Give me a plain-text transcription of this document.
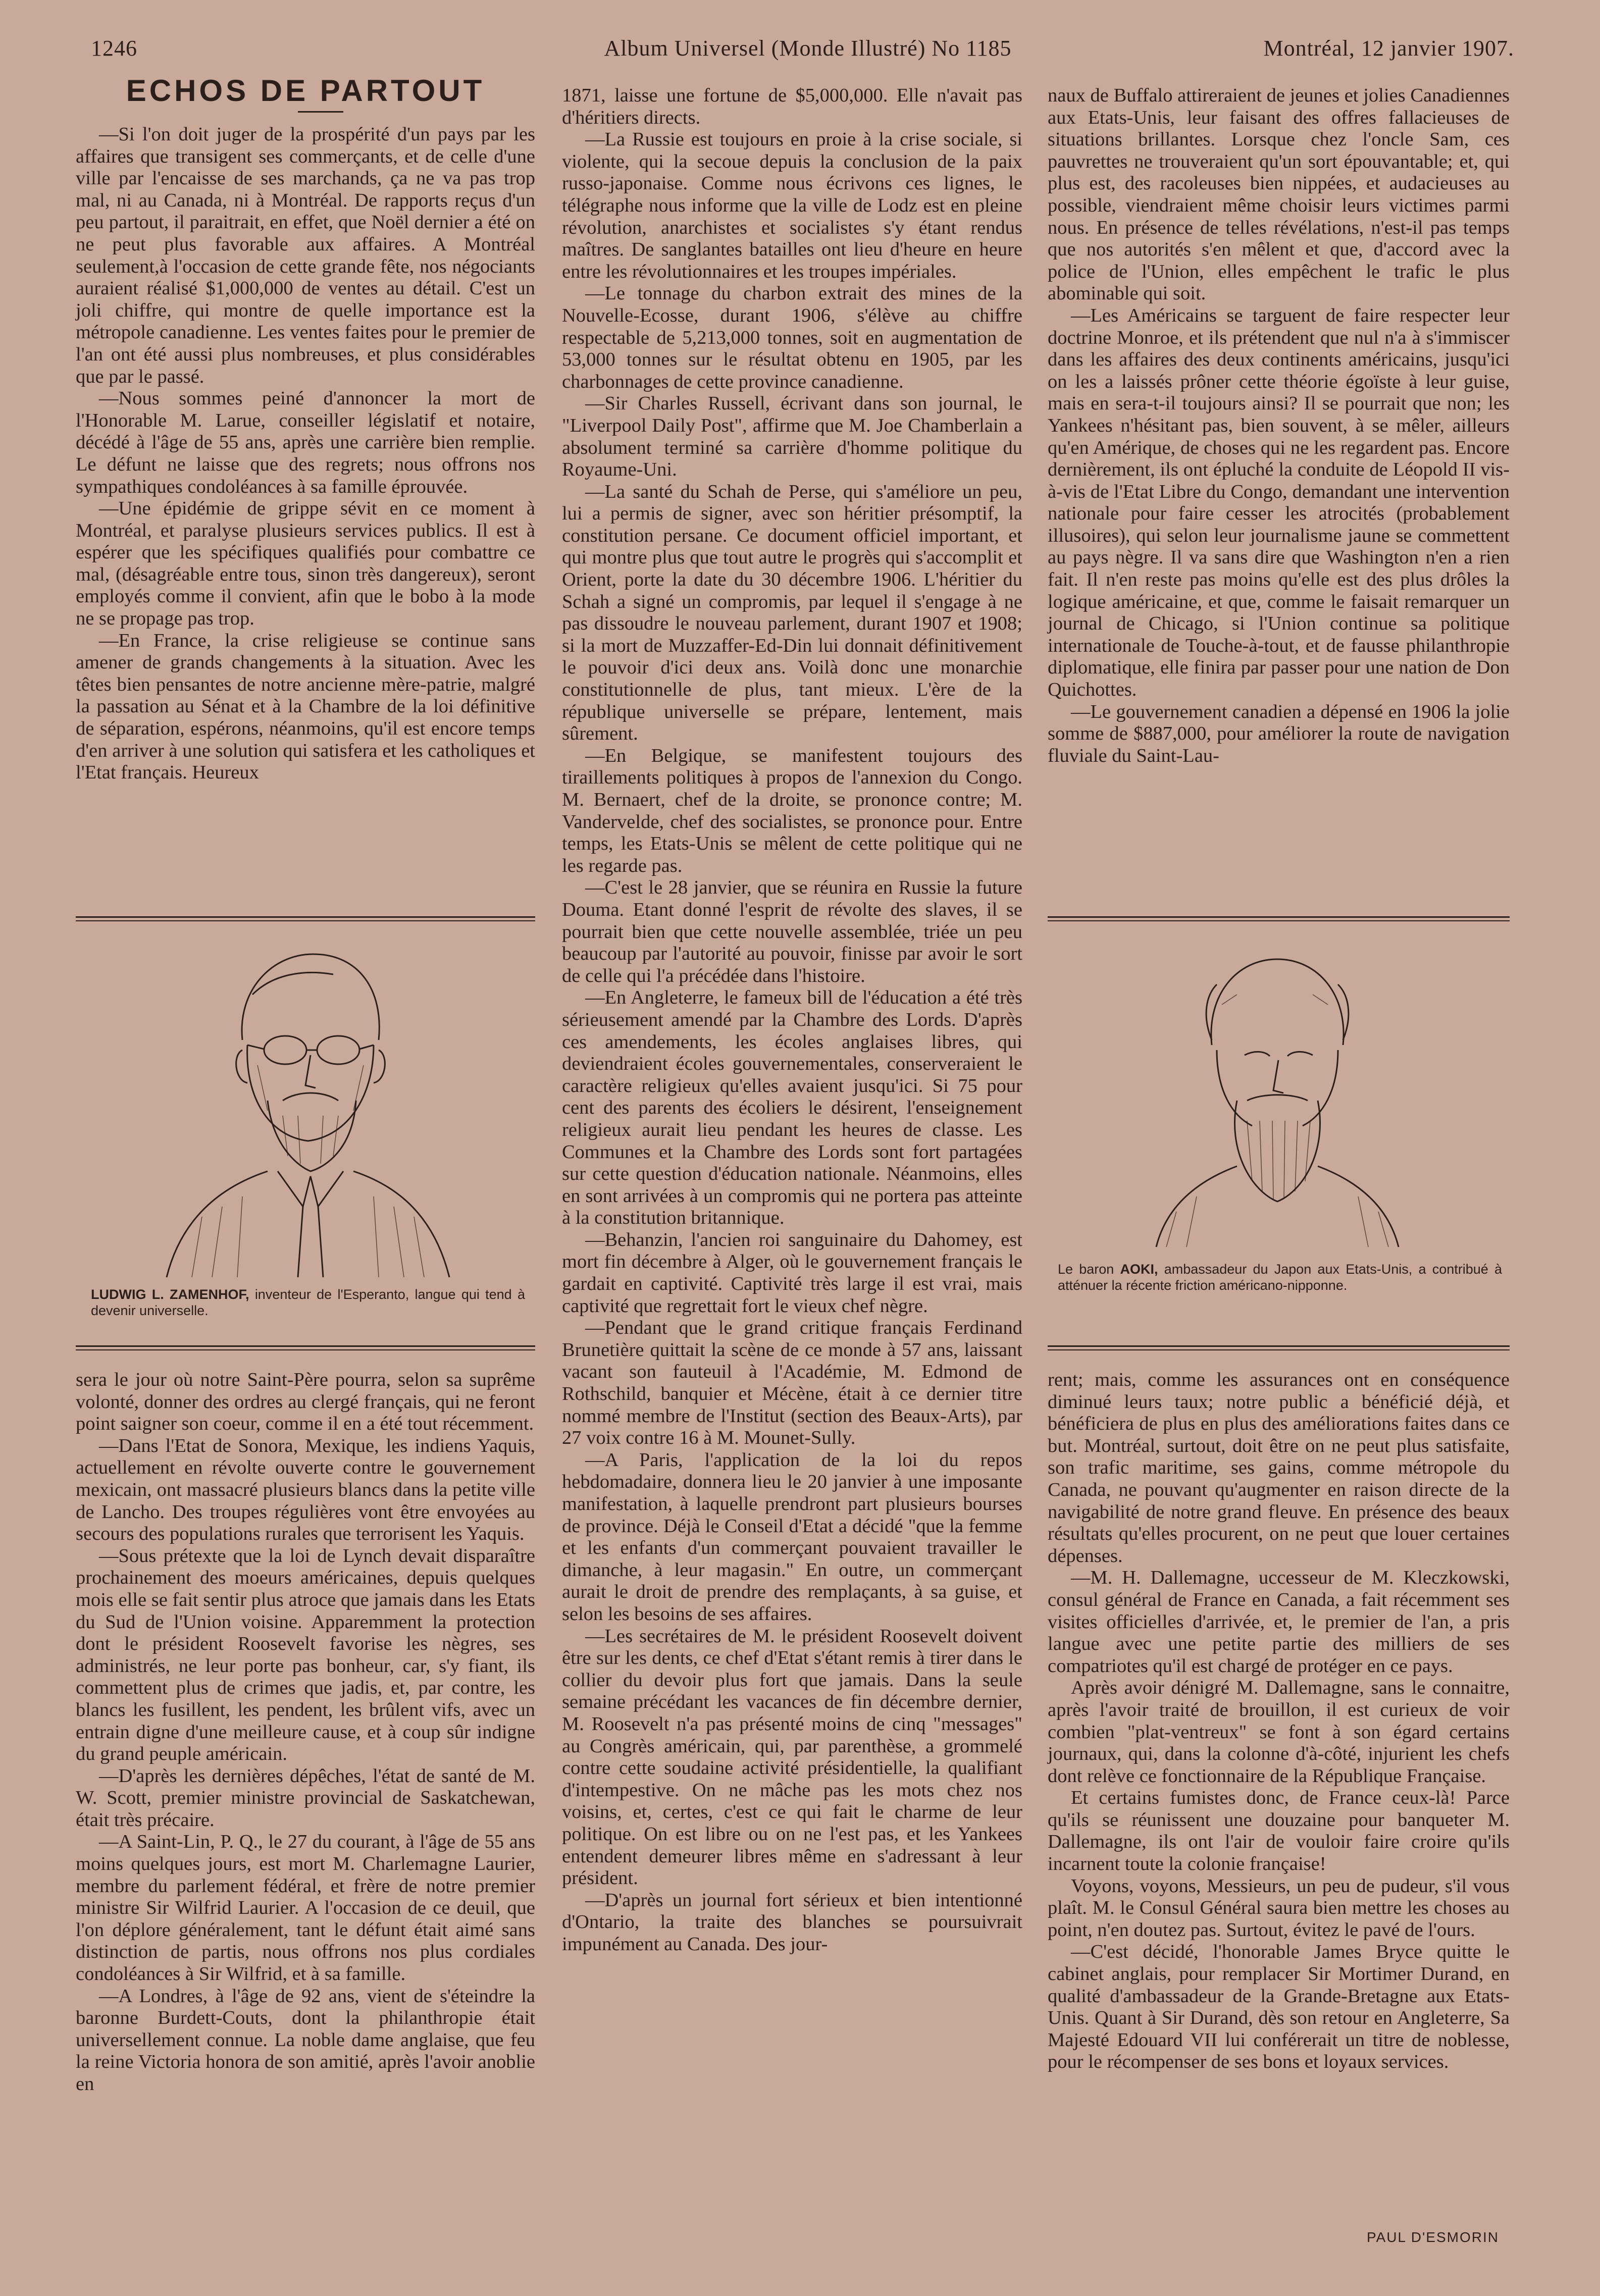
1246	Album Universel (Monde Illustré) No 1185	Montréal, 12 janvier 1907.
ECHOS DE PARTOUT

—Si l'on doit juger de la prospérité d'un pays par les affaires que transigent ses commerçants, et de celle d'une ville par l'encaisse de ses marchands, ça ne va pas trop mal, ni au Canada, ni à Montréal. De rapports reçus d'un peu partout, il paraitrait, en effet, que Noël dernier a été on ne peut plus favorable aux affaires. A Montréal seulement,à l'occasion de cette grande fête, nos négociants auraient réalisé $1,000,000 de ventes au détail. C'est un joli chiffre, qui montre de quelle importance est la métropole canadienne. Les ventes faites pour le premier de l'an ont été aussi plus nombreuses, et plus considérables que par le passé.

—Nous sommes peiné d'annoncer la mort de l'Honorable M. Larue, conseiller législatif et notaire, décédé à l'âge de 55 ans, après une carrière bien remplie. Le défunt ne laisse que des regrets; nous offrons nos sympathiques condoléances à sa famille éprouvée.

—Une épidémie de grippe sévit en ce moment à Montréal, et paralyse plusieurs services publics. Il est à espérer que les spécifiques qualifiés pour combattre ce mal, (désagréable entre tous, sinon très dangereux), seront employés comme il convient, afin que le bobo à la mode ne se propage pas trop.

—En France, la crise religieuse se continue sans amener de grands changements à la situation. Avec les têtes bien pensantes de notre ancienne mère-patrie, malgré la passation au Sénat et à la Chambre de la loi définitive de séparation, espérons, néanmoins, qu'il est encore temps d'en arriver à une solution qui satisfera et les catholiques et l'Etat français. Heureux

1871, laisse une fortune de $5,000,000. Elle n'avait pas d'héritiers directs.

—La Russie est toujours en proie à la crise sociale, si violente, qui la secoue depuis la conclusion de la paix russo-japonaise. Comme nous écrivons ces lignes, le télégraphe nous informe que la ville de Lodz est en pleine révolution, anarchistes et socialistes s'y étant rendus maîtres. De sanglantes batailles ont lieu d'heure en heure entre les révolutionnaires et les troupes impériales.

—Le tonnage du charbon extrait des mines de la Nouvelle-Ecosse, durant 1906, s'élève au chiffre respectable de 5,213,000 tonnes, soit en augmentation de 53,000 tonnes sur le résultat obtenu en 1905, par les charbonnages de cette province canadienne.

—Sir Charles Russell, écrivant dans son journal, le "Liverpool Daily Post", affirme que M. Joe Chamberlain a absolument terminé sa carrière d'homme politique du Royaume-Uni.

—La santé du Schah de Perse, qui s'améliore un peu, lui a permis de signer, avec son héritier présomptif, la constitution persane. Ce document officiel important, et qui montre plus que tout autre le progrès qui s'accomplit et Orient, porte la date du 30 décembre 1906. L'héritier du Schah a signé un compromis, par lequel il s'engage à ne pas dissoudre le nouveau parlement, durant 1907 et 1908; si la mort de Muzzaffer-Ed-Din lui donnait définitivement le pouvoir d'ici deux ans. Voilà donc une monarchie constitutionnelle de plus, tant mieux. L'ère de la république universelle se prépare, lentement, mais sûrement.

—En Belgique, se manifestent toujours des tiraillements politiques à propos de l'annexion du Congo. M. Bernaert, chef de la droite, se prononce contre; M. Vandervelde, chef des socialistes, se prononce pour. Entre temps, les Etats-Unis se mêlent de cette politique qui ne les regarde pas.

—C'est le 28 janvier, que se réunira en Russie la future Douma. Etant donné l'esprit de révolte des slaves, il se pourrait bien que cette nouvelle assemblée, triée un peu beaucoup par l'autorité au pouvoir, finisse par avoir le sort de celle qui l'a précédée dans l'histoire.

—En Angleterre, le fameux bill de l'éducation a été très sérieusement amendé par la Chambre des Lords. D'après ces amendements, les écoles anglaises libres, qui deviendraient écoles gouvernementales, conserveraient le caractère religieux qu'elles avaient jusqu'ici. Si 75 pour cent des parents des écoliers le désirent, l'enseignement religieux aurait lieu pendant les heures de classe. Les Communes et la Chambre des Lords sont fort partagées sur cette question d'éducation nationale. Néanmoins, elles en sont arrivées à un compromis qui ne portera pas atteinte à la constitution britannique.

—Behanzin, l'ancien roi sanguinaire du Dahomey, est mort fin décembre à Alger, où le gouvernement français le gardait en captivité. Captivité très large il est vrai, mais captivité que regrettait fort le vieux chef nègre.

—Pendant que le grand critique français Ferdinand Brunetière quittait la scène de ce monde à 57 ans, laissant vacant son fauteuil à l'Académie, M. Edmond de Rothschild, banquier et Mécène, était à ce dernier titre nommé membre de l'Institut (section des Beaux-Arts), par 27 voix contre 16 à M. Mounet-Sully.

—A Paris, l'application de la loi du repos hebdomadaire, donnera lieu le 20 janvier à une imposante manifestation, à laquelle prendront part plusieurs bourses de province. Déjà le Conseil d'Etat a décidé "que la femme et les enfants d'un commerçant pouvaient travailler le dimanche, à leur magasin." En outre, un commerçant aurait le droit de prendre des remplaçants, à sa guise, et selon les besoins de ses affaires.

—Les secrétaires de M. le président Roosevelt doivent être sur les dents, ce chef d'Etat s'étant remis à tirer dans le collier du devoir plus fort que jamais. Dans la seule semaine précédant les vacances de fin décembre dernier, M. Roosevelt n'a pas présenté moins de cinq "messages" au Congrès américain, qui, par parenthèse, a grommelé contre cette soudaine activité présidentielle, la qualifiant d'intempestive. On ne mâche pas les mots chez nos voisins, et, certes, c'est ce qui fait le charme de leur politique. On est libre ou on ne l'est pas, et les Yankees entendent demeurer libres même en s'adressant à leur président.

—D'après un journal fort sérieux et bien intentionné d'Ontario, la traite des blanches se poursuivrait impunément au Canada. Des jour-

naux de Buffalo attireraient de jeunes et jolies Canadiennes aux Etats-Unis, leur faisant des offres fallacieuses de situations brillantes. Lorsque chez l'oncle Sam, ces pauvrettes ne trouveraient qu'un sort épouvantable; et, qui plus est, des racoleuses bien nippées, et audacieuses au possible, viendraient même choisir leurs victimes parmi nous. En présence de telles révélations, n'est-il pas temps que nos autorités s'en mêlent et que, d'accord avec la police de l'Union, elles empêchent le trafic le plus abominable qui soit.

—Les Américains se targuent de faire respecter leur doctrine Monroe, et ils prétendent que nul n'a à s'immiscer dans les affaires des deux continents américains, jusqu'ici on les a laissés prôner cette théorie égoïste à leur guise, mais en sera-t-il toujours ainsi? Il se pourrait que non; les Yankees n'hésitant pas, bien souvent, à se mêler, ailleurs qu'en Amérique, de choses qui ne les regardent pas. Encore dernièrement, ils ont épluché la conduite de Léopold II vis-à-vis de l'Etat Libre du Congo, demandant une intervention nationale pour faire cesser les atrocités (probablement illusoires), qui selon leur journalisme jaune se commettent au pays nègre. Il va sans dire que Washington n'en a rien fait. Il n'en reste pas moins qu'elle est des plus drôles la logique américaine, et que, comme le faisait remarquer un journal de Chicago, si l'Union continue sa politique internationale de Touche-à-tout, et de fausse philanthropie diplomatique, elle finira par passer pour une nation de Don Quichottes.

—Le gouvernement canadien a dépensé en 1906 la jolie somme de $887,000, pour améliorer la route de navigation fluviale du Saint-Lau-

LUDWIG L. ZAMENHOF, inventeur de l'Esperanto, langue qui tend à devenir universelle.
Le baron AOKI, ambassadeur du Japon aux Etats-Unis, a contribué à atténuer la récente friction américano-nipponne.

sera le jour où notre Saint-Père pourra, selon sa suprême volonté, donner des ordres au clergé français, qui ne feront point saigner son coeur, comme il en a été tout récemment.

—Dans l'Etat de Sonora, Mexique, les indiens Yaquis, actuellement en révolte ouverte contre le gouvernement mexicain, ont massacré plusieurs blancs dans la petite ville de Lancho. Des troupes régulières vont être envoyées au secours des populations rurales que terrorisent les Yaquis.

—Sous prétexte que la loi de Lynch devait disparaître prochainement des moeurs américaines, depuis quelques mois elle se fait sentir plus atroce que jamais dans les Etats du Sud de l'Union voisine. Apparemment la protection dont le président Roosevelt favorise les nègres, ses administrés, ne leur porte pas bonheur, car, s'y fiant, ils commettent plus de crimes que jadis, et, par contre, les blancs les fusillent, les pendent, les brûlent vifs, avec un entrain digne d'une meilleure cause, et à coup sûr indigne du grand peuple américain.

—D'après les dernières dépêches, l'état de santé de M. W. Scott, premier ministre provincial de Saskatchewan, était très précaire.

—A Saint-Lin, P. Q., le 27 du courant, à l'âge de 55 ans moins quelques jours, est mort M. Charlemagne Laurier, membre du parlement fédéral, et frère de notre premier ministre Sir Wilfrid Laurier. A l'occasion de ce deuil, que l'on déplore généralement, tant le défunt était aimé sans distinction de partis, nous offrons nos plus cordiales condoléances à Sir Wilfrid, et à sa famille.

—A Londres, à l'âge de 92 ans, vient de s'éteindre la baronne Burdett-Couts, dont la philanthropie était universellement connue. La noble dame anglaise, que feu la reine Victoria honora de son amitié, après l'avoir anoblie en

rent; mais, comme les assurances ont en conséquence diminué leurs taux; notre public a bénéficié déjà, et bénéficiera de plus en plus des améliorations faites dans ce but. Montréal, surtout, doit être on ne peut plus satisfaite, son trafic maritime, ses gains, comme métropole du Canada, ne pouvant qu'augmenter en raison directe de la navigabilité de notre grand fleuve. En présence des beaux résultats qu'elles procurent, on ne peut que louer certaines dépenses.

—M. H. Dallemagne, uccesseur de M. Kleczkowski, consul général de France en Canada, a fait récemment ses visites officielles d'arrivée, et, le premier de l'an, a pris langue avec une petite partie des milliers de ses compatriotes qu'il est chargé de protéger en ce pays.

Après avoir dénigré M. Dallemagne, sans le connaitre, après l'avoir traité de brouillon, il est curieux de voir combien "plat-ventreux" se font à son égard certains journaux, qui, dans la colonne d'à-côté, injurient les chefs dont relève ce fonctionnaire de la République Française.

Et certains fumistes donc, de France ceux-là! Parce qu'ils se réunissent une douzaine pour banqueter M. Dallemagne, ils ont l'air de vouloir faire croire qu'ils incarnent toute la colonie française!

Voyons, voyons, Messieurs, un peu de pudeur, s'il vous plaît. M. le Consul Général saura bien mettre les choses au point, n'en doutez pas. Surtout, évitez le pavé de l'ours.

—C'est décidé, l'honorable James Bryce quitte le cabinet anglais, pour remplacer Sir Mortimer Durand, en qualité d'ambassadeur de la Grande-Bretagne aux Etats-Unis. Quant à Sir Durand, dès son retour en Angleterre, Sa Majesté Edouard VII lui conférerait un titre de noblesse, pour le récompenser de ses bons et loyaux services.

PAUL D'ESMORIN
